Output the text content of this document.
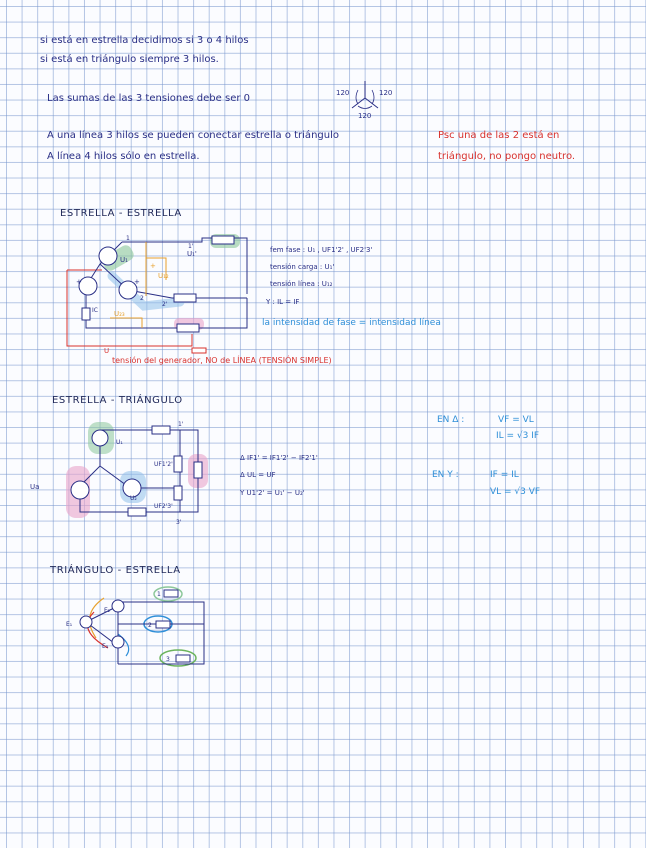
si está en estrella decidimos si 3 o 4 hilos
si está en triángulo siempre 3 hilos.
Las sumas de las 3 tensiones debe ser 0	120	120
120
A una línea 3 hilos se pueden conectar estrella o triángulo
A línea 4 hilos sólo en estrella.
Psc una de las 2 está en
triángulo, no pongo neutro.
ESTRELLA - ESTRELLA
U₁
U₁'
U₁₂
U₂₃
U
1
2
1'
2'
IC
+
+
+
fem fase : U₁ , UF1'2' , UF2'3'
tensión carga : U₁'
tensión línea : U₁₂
Y : IL = IF
la intensidad de fase = intensidad línea
tensión del generador, NO de LÍNEA (TENSIÓN SIMPLE)
ESTRELLA - TRIÁNGULO
U₁
UF1'2'
U₂
UF2'3'
1'
3'
Ua
Δ IF1' = IF1'2' − IF2'1'
Δ UL = UF
Y U1'2' = U₁' − U₂'
EN Δ :	VF = VL
IL = √3 IF
EN Y :	IF = IL
VL = √3 VF
TRIÁNGULO - ESTRELLA
E₁
E₂
E₃
1
2
3
